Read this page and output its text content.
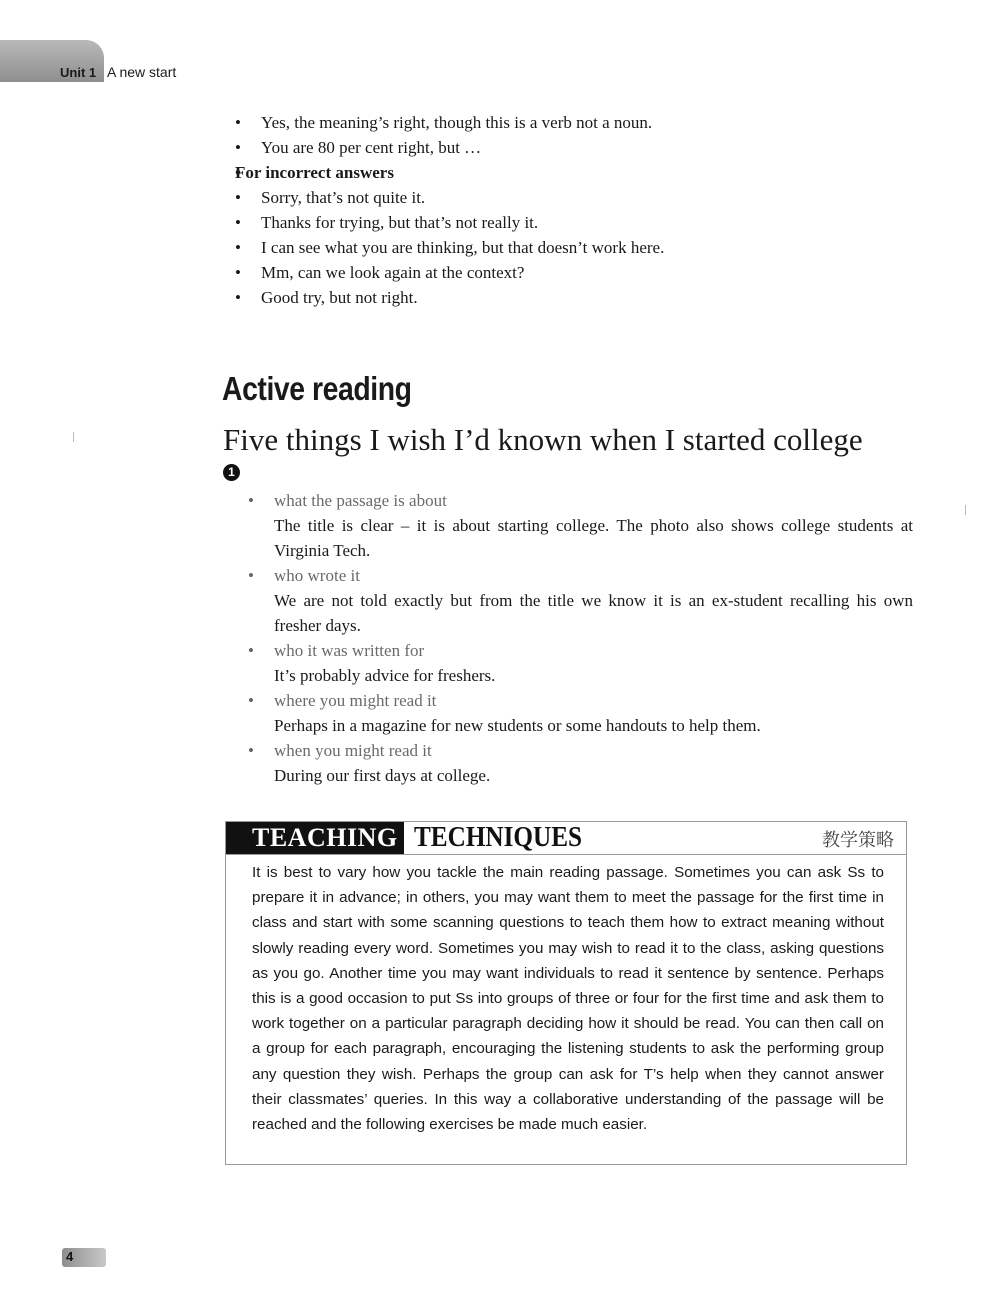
Unit 1 A new start
• Yes, the meaning’s right, though this is a verb not a noun.
• You are 80 per cent right, but …
• For incorrect answers
• Sorry, that’s not quite it.
• Thanks for trying, but that’s not really it.
• I can see what you are thinking, but that doesn’t work here.
• Mm, can we look again at the context?
• Good try, but not right.
Active reading
Five things I wish I’d known when I started college
1
• what the passage is about
The title is clear – it is about starting college. The photo also shows college students at Virginia Tech.
• who wrote it
We are not told exactly but from the title we know it is an ex-student recalling his own fresher days.
• who it was written for
It’s probably advice for freshers.
• where you might read it
Perhaps in a magazine for new students or some handouts to help them.
• when you might read it
During our first days at college.
TEACHING TECHNIQUES	教学策略
It is best to vary how you tackle the main reading passage. Sometimes you can ask Ss to prepare it in advance; in others, you may want them to meet the passage for the first time in class and start with some scanning questions to teach them how to extract meaning without slowly reading every word. Sometimes you may wish to read it to the class, asking questions as you go. Another time you may want individuals to read it sentence by sentence. Perhaps this is a good occasion to put Ss into groups of three or four for the first time and ask them to work together on a particular paragraph deciding how it should be read. You can then call on a group for each paragraph, encouraging the listening students to ask the performing group any question they wish. Perhaps the group can ask for T’s help when they cannot answer their classmates’ queries. In this way a collaborative understanding of the passage will be reached and the following exercises be made much easier.
4
